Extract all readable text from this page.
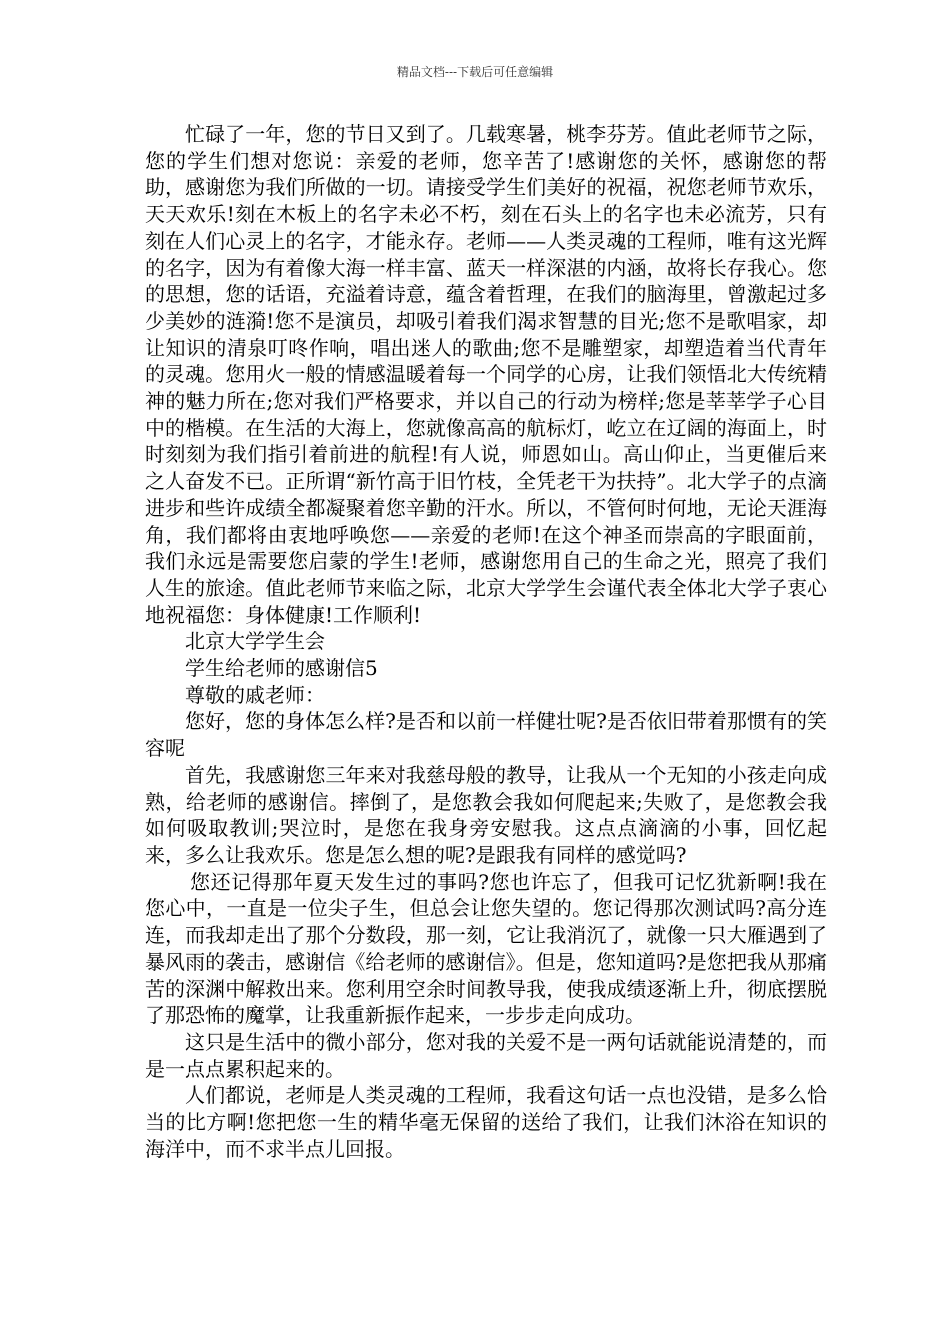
精品文档---下载后可任意编辑

忙碌了一年，您的节日又到了。几载寒暑，桃李芬芳。值此老师节之际，您的学生们想对您说：亲爱的老师，您辛苦了!感谢您的关怀，感谢您的帮助，感谢您为我们所做的一切。请接受学生们美好的祝福，祝您老师节欢乐，天天欢乐!刻在木板上的名字未必不朽，刻在石头上的名字也未必流芳，只有刻在人们心灵上的名字，才能永存。老师——人类灵魂的工程师，唯有这光辉的名字，因为有着像大海一样丰富、蓝天一样深湛的内涵，故将长存我心。您的思想，您的话语，充溢着诗意，蕴含着哲理，在我们的脑海里，曾激起过多少美妙的涟漪!您不是演员，却吸引着我们渴求智慧的目光;您不是歌唱家，却让知识的清泉叮咚作响，唱出迷人的歌曲;您不是雕塑家，却塑造着当代青年的灵魂。您用火一般的情感温暖着每一个同学的心房，让我们领悟北大传统精神的魅力所在;您对我们严格要求，并以自己的行动为榜样;您是莘莘学子心目中的楷模。在生活的大海上，您就像高高的航标灯，屹立在辽阔的海面上，时时刻刻为我们指引着前进的航程!有人说，师恩如山。高山仰止，当更催后来之人奋发不已。正所谓“新竹高于旧竹枝，全凭老干为扶持”。北大学子的点滴进步和些许成绩全都凝聚着您辛勤的汗水。所以，不管何时何地，无论天涯海角，我们都将由衷地呼唤您——亲爱的老师!在这个神圣而崇高的字眼面前，我们永远是需要您启蒙的学生!老师，感谢您用自己的生命之光，照亮了我们人生的旅途。值此老师节来临之际，北京大学学生会谨代表全体北大学子衷心地祝福您：身体健康!工作顺利!

北京大学学生会

学生给老师的感谢信5

尊敬的戚老师：

您好，您的身体怎么样?是否和以前一样健壮呢?是否依旧带着那惯有的笑容呢

首先，我感谢您三年来对我慈母般的教导，让我从一个无知的小孩走向成熟，给老师的感谢信。摔倒了，是您教会我如何爬起来;失败了，是您教会我如何吸取教训;哭泣时，是您在我身旁安慰我。这点点滴滴的小事，回忆起来，多么让我欢乐。您是怎么想的呢?是跟我有同样的感觉吗?

您还记得那年夏天发生过的事吗?您也许忘了，但我可记忆犹新啊!我在您心中，一直是一位尖子生，但总会让您失望的。您记得那次测试吗?高分连连，而我却走出了那个分数段，那一刻，它让我消沉了，就像一只大雁遇到了暴风雨的袭击，感谢信《给老师的感谢信》。但是，您知道吗?是您把我从那痛苦的深渊中解救出来。您利用空余时间教导我，使我成绩逐渐上升，彻底摆脱了那恐怖的魔掌，让我重新振作起来，一步步走向成功。

这只是生活中的微小部分，您对我的关爱不是一两句话就能说清楚的，而是一点点累积起来的。

人们都说，老师是人类灵魂的工程师，我看这句话一点也没错，是多么恰当的比方啊!您把您一生的精华毫无保留的送给了我们，让我们沐浴在知识的海洋中，而不求半点儿回报。
